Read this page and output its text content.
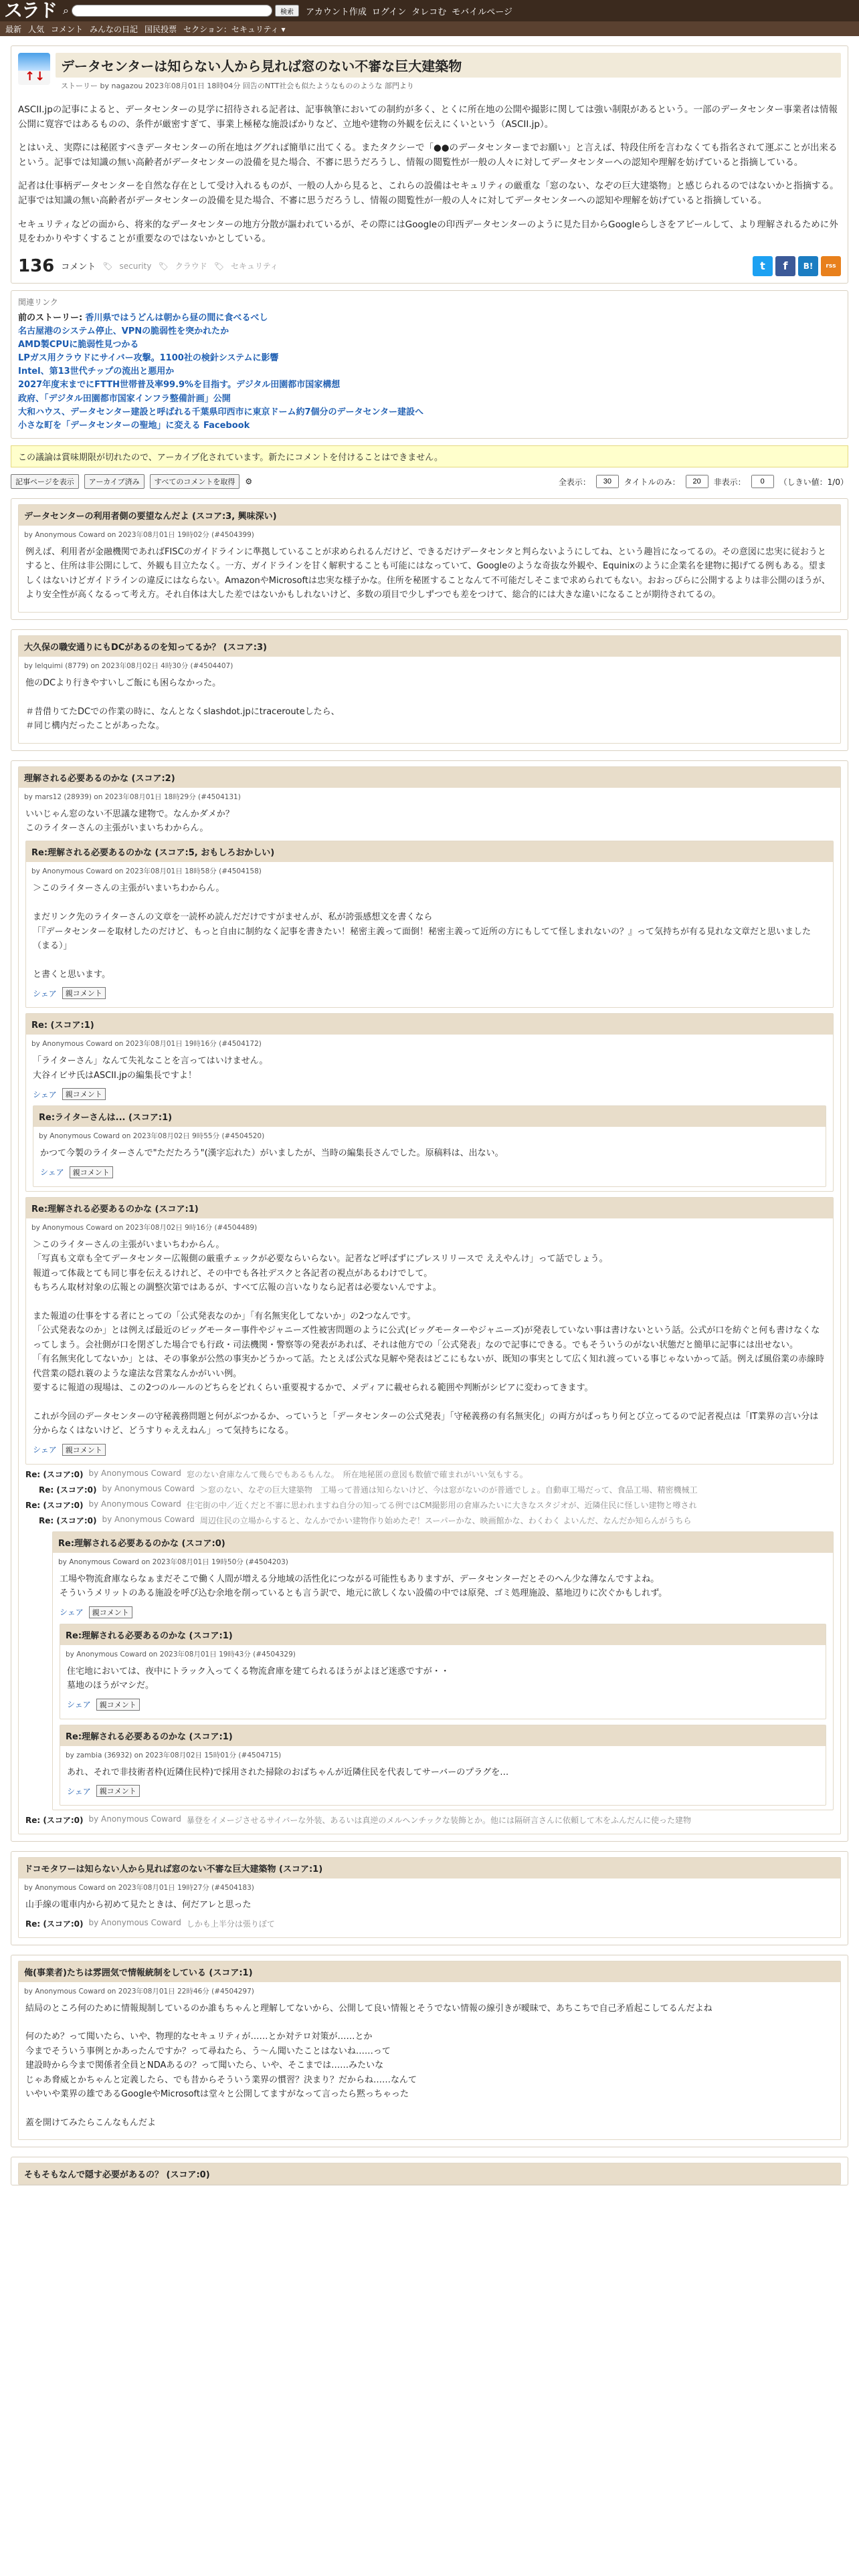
スラド ⌕	検索	アカウント作成 ログイン タレコむ モバイルページ
最新 人気 コメント みんなの日記 国民投票 セクション：セキュリティ ▾
↑↓
データセンターは知らない人から見れば窓のない不審な巨大建築物
ストーリー by nagazou 2023年08月01日 18時04分 回告のNTT社会も似たようなもののような 部門より

ASCII.jpの記事によると、データセンターの見学に招待される記者は、記事執筆においての制約が多く、とくに所在地の公開や撮影に関しては強い制限があるという。一部のデータセンター事業者は情報公開に寛容ではあるものの、条件が厳密すぎて、事業上極秘な施設ばかりなど、立地や建物の外観を伝えにくいという（ASCII.jp）。

とはいえ、実際には秘匿すべきデータセンターの所在地はググれば簡単に出てくる。またタクシーで「●●のデータセンターまでお願い」と言えば、特段住所を言わなくても指名されて運ぶことが出来るという。記事では知識の無い高齢者がデータセンターの設備を見た場合、不審に思うだろうし、情報の閲覧性が一般の人々に対してデータセンターへの認知や理解を妨げていると指摘している。

記者は仕事柄データセンターを自然な存在として受け入れるものが、一般の人から見ると、これらの設備はセキュリティの厳重な「窓のない、なぞの巨大建築物」と感じられるのではないかと指摘する。記事では知識の無い高齢者がデータセンターの設備を見た場合、不審に思うだろうし、情報の閲覧性が一般の人々に対してデータセンターへの認知や理解を妨げていると指摘している。

セキュリティなどの面から、将来的なデータセンターの地方分散が謳われているが、その際にはGoogleの印西データセンターのように見た目からGoogleらしさをアピールして、より理解されるために外見をわかりやすくすることが重要なのではないかとしている。

136 コメント 🏷 security 🏷 クラウド 🏷 セキュリティ	t	f	B!	rss
関連リンク
前のストーリー: 香川県ではうどんは朝から昼の間に食べるべし
名古屋港のシステム停止、VPNの脆弱性を突かれたか
AMD製CPUに脆弱性見つかる
LPガス用クラウドにサイバー攻撃。1100社の検針システムに影響
Intel、第13世代チップの流出と悪用か
2027年度末までにFTTH世帯普及率99.9%を目指す。デジタル田園都市国家構想
政府、「デジタル田園都市国家インフラ整備計画」公開
大和ハウス、データセンター建設と呼ばれる千葉県印西市に東京ドーム約7個分のデータセンター建設へ
小さな町を「データセンターの聖地」に変える Facebook
この議論は賞味期限が切れたので、アーカイブ化されています。新たにコメントを付けることはできません。
記事ページを表示	アーカイブ済み	すべてのコメントを取得	⚙	全表示：
30	タイトルのみ：
20	非表示：
0	（しきい値：1/0）
データセンターの利用者側の要望なんだよ (スコア:3, 興味深い)
by Anonymous Coward on 2023年08月01日 19時02分 (#4504399)
例えば、利用者が金融機関であればFISCのガイドラインに準拠していることが求められるんだけど、できるだけデータセンタと判らないようにしてね、という趣旨になってるの。その意図に忠実に従おうとすると、住所は非公開にして、外観も目立たなく。一方、ガイドラインを甘く解釈することも可能にはなっていて、Googleのような奇抜な外観や、Equinixのように企業名を建物に掲げてる例もある。望ましくはないけどガイドラインの違反にはならない。AmazonやMicrosoftは忠実な様子かな。住所を秘匿することなんて不可能だしそこまで求められてもない。おおっぴらに公開するよりは非公開のほうが、より安全性が高くなるって考え方。それ自体は大した差ではないかもしれないけど、多数の項目で少しずつでも差をつけて、総合的には大きな違いになることが期待されてるの。
大久保の職安通りにもDCがあるのを知ってるか？ (スコア:3)
by lelquimi (8779) on 2023年08月02日 4時30分 (#4504407)
他のDCより行きやすいしご飯にも困らなかった。

＃昔借りてたDCでの作業の時に、なんとなくslashdot.jpにtracerouteしたら、
＃同じ構内だったことがあったな。
理解される必要あるのかな (スコア:2)
by mars12 (28939) on 2023年08月01日 18時29分 (#4504131)
いいじゃん窓のない不思議な建物で。なんかダメか？
このライターさんの主張がいまいちわからん。
Re:理解される必要あるのかな (スコア:5, おもしろおかしい)
by Anonymous Coward on 2023年08月01日 18時58分 (#4504158)
＞このライターさんの主張がいまいちわからん。

まだリンク先のライターさんの文章を一読杯め読んだだけですがませんが、私が誇張感想文を書くなら
「『データセンターを取材したのだけど、もっと自由に制約なく記事を書きたい！秘密主義って面倒！秘密主義って近所の方にもしてて怪しまれないの？』って気持ちが有る見れな文章だと思いました（まる）」

と書くと思います。
シェア	親コメント
Re: (スコア:1)
by Anonymous Coward on 2023年08月01日 19時16分 (#4504172)
「ライターさん」なんて失礼なことを言ってはいけません。
大谷イビサ氏はASCII.jpの編集長ですよ！
シェア	親コメント
Re:ライターさんは... (スコア:1)
by Anonymous Coward on 2023年08月02日 9時55分 (#4504520)
かつて今製のライターさんで"ただたろう"(漢字忘れた）がいましたが、当時の編集長さんでした。原稿料は、出ない。
シェア	親コメント
Re:理解される必要あるのかな (スコア:1)
by Anonymous Coward on 2023年08月02日 9時16分 (#4504489)
＞このライターさんの主張がいまいちわからん。
「写真も文章も全てデータセンター広報側の厳重チェックが必要ならいらない。記者など呼ばずにプレスリリースで ええやんけ」って話でしょう。
報道って体裁とても同じ事を伝えるけれど、その中でも各社デスクと各記者の視点があるわけでして。
もちろん取材対象の広報との調整次第ではあるが、すべて広報の言いなりなら記者は必要ないんですよ。

また報道の仕事をする者にとっての「公式発表なのか」「有名無実化してないか」の2つなんです。
「公式発表なのか」とは例えば最近のビッグモーター事件やジャニーズ性被害問題のように公式(ビッグモーターやジャニーズ)が発表していない事は書けないという話。公式が口を紡ぐと何も書けなくなってしまう。会社側が口を閉ざした場合でも行政・司法機関・警察等の発表があれば、それは他方での「公式発表」なので記事にできる。でもそういうのがない状態だと簡単に記事には出せない。
「有名無実化してないか」とは、その事象が公然の事実かどうかって話。たとえば公式な見解や発表はどこにもないが、既知の事実として広く知れ渡っている事じゃないかって話。例えば風俗業の赤線時代営業の隠れ蓑のような違法な営業なんかがいい例。
要するに報道の現場は、この2つのルールのどちらをどれくらい重要視するかで、メディアに載せられる範囲や判断がシビアに変わってきます。

これが今回のデータセンターの守秘義務問題と何がぶつかるか、っていうと「データセンターの公式発表」「守秘義務の有名無実化」の両方がぱっちり何とび立ってるので記者視点は「IT業界の言い分は分からなくはないけど、どうすりゃええねん」って気持ちになる。
シェア	親コメント
Re: (スコア:0) by Anonymous Coward 窓のない倉庫なんて幾らでもあるもんな。　所在地秘匿の意図も数値で確まれがいい気もする。
Re: (スコア:0) by Anonymous Coward ＞窓のない、なぞの巨大建築物　工場って普通は知らないけど、今は窓がないのが普通でしょ。自動車工場だって、食品工場、精密機械工
Re: (スコア:0) by Anonymous Coward 住宅街の中／近くだと不審に思われますね自分の知ってる例ではCM撮影用の倉庫みたいに大きなスタジオが、近隣住民に怪しい建物と噂され
Re: (スコア:0) by Anonymous Coward 周辺住民の立場からすると、なんかでかい建物作り始めたぞ！スーパーかな、映画館かな、わくわく よいんだ、なんだか知らんがうちら
Re:理解される必要あるのかな (スコア:0)
by Anonymous Coward on 2023年08月01日 19時50分 (#4504203)
工場や物流倉庫ならなぁまだそこで働く人間が増える分地域の活性化につながる可能性もありますが、データセンターだとそのへん少な薄なんですよね。
そういうメリットのある施設を呼び込む余地を削っているとも言う訳で、地元に欲しくない設備の中では原発、ゴミ処理施設、墓地辺りに次ぐかもしれず。
シェア	親コメント
Re:理解される必要あるのかな (スコア:1)
by Anonymous Coward on 2023年08月01日 19時43分 (#4504329)
住宅地においては、夜中にトラック入ってくる物流倉庫を建てられるほうがよほど迷惑ですが・・
墓地のほうがマシだ。
シェア	親コメント
Re:理解される必要あるのかな (スコア:1)
by zambia (36932) on 2023年08月02日 15時01分 (#4504715)
あれ、それで非技術者枠(近隣住民枠)で採用された掃除のおばちゃんが近隣住民を代表してサーバーのプラグを…
シェア	親コメント
Re: (スコア:0) by Anonymous Coward 暴登をイメージさせるサイバーな外装、あるいは真逆のメルヘンチックな装飾とか。他には隔研言さんに依頼して木をふんだんに使った建物
ドコモタワーは知らない人から見れば窓のない不審な巨大建築物 (スコア:1)
by Anonymous Coward on 2023年08月01日 19時27分 (#4504183)
山手線の電車内から初めて見たときは、何だアレと思った
Re: (スコア:0) by Anonymous Coward しかも上半分は張りぼて
俺(事業者)たちは雰囲気で情報統制をしている (スコア:1)
by Anonymous Coward on 2023年08月01日 22時46分 (#4504297)
結局のところ何のために情報規制しているのか誰もちゃんと理解してないから、公開して良い情報とそうでない情報の線引きが曖昧で、あちこちで自己矛盾起こしてるんだよね

何のため？って聞いたら、いや、物理的なセキュリティが……とか対テロ対策が……とか
今までそういう事例とかあったんですか？って尋ねたら、う～ん聞いたことはないね……って
建設時から今まで関係者全員とNDAあるの？って聞いたら、いや、そこまでは……みたいな
じゃあ脅威とかちゃんと定義したら、でも昔からそういう業界の慣習？決まり？だからね……なんて
いやいや業界の雄であるGoogleやMicrosoftは堂々と公開してますがなって言ったら黙っちゃった

蓋を開けてみたらこんなもんだよ
そもそもなんで隠す必要があるの？ (スコア:0)
